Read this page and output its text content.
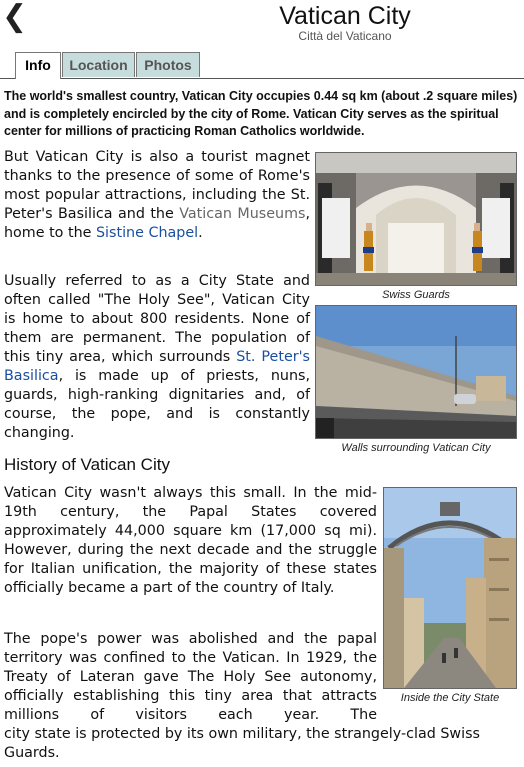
❮	Vatican City
Città del Vaticano
Info	Location	Photos
The world's smallest country, Vatican City occupies 0.44 sq km (about .2 square miles) and is completely encircled by the city of Rome. Vatican City serves as the spiritual center for millions of practicing Roman Catholics worldwide.
But Vatican City is also a tourist magnet thanks to the presence of some of Rome's most popular attractions, including the St. Peter's Basilica and the Vatican Museums, home to the Sistine Chapel.
Usually referred to as a City State and often called "The Holy See", Vatican City is home to about 800 residents. None of them are permanent. The population of this tiny area, which surrounds St. Peter's Basilica, is made up of priests, nuns, guards, high-ranking dignitaries and, of course, the pope, and is constantly changing.
History of Vatican City
Vatican City wasn't always this small. In the mid-19th century, the Papal States covered approximately 44,000 square km (17,000 sq mi). However, during the next decade and the struggle for Italian unification, the majority of these states officially became a part of the country of Italy.
The pope's power was abolished and the papal territory was confined to the Vatican. In 1929, the Treaty of Lateran gave The Holy See autonomy, officially establishing this tiny area that attracts millions of visitors each year. The
city state is protected by its own military, the strangely-clad Swiss Guards.
Swiss Guards
Walls surrounding Vatican City
Inside the City State
